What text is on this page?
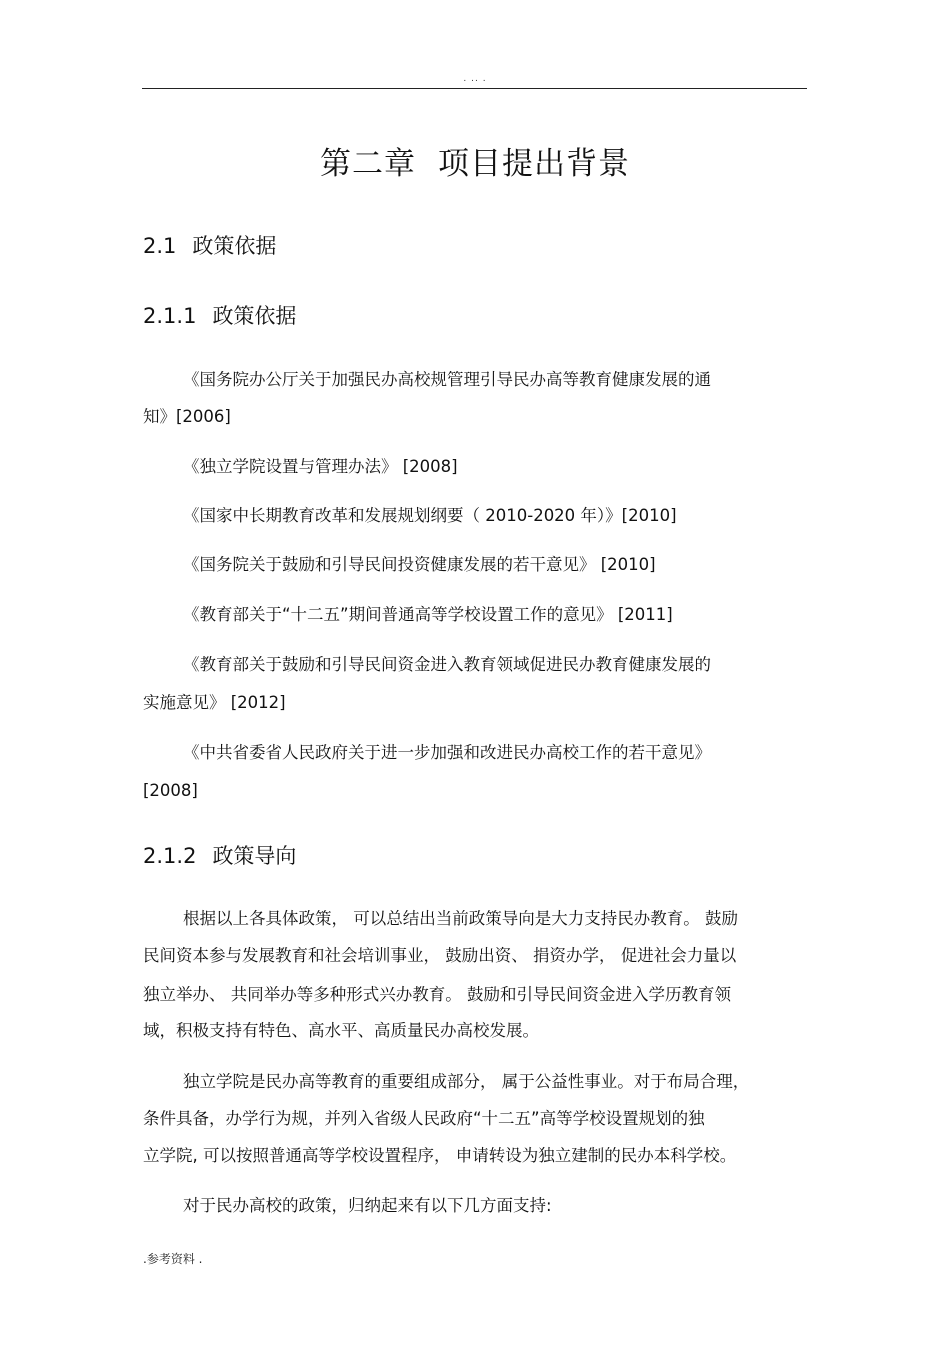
. .. .
第二章 项目提出背景
2.1 政策依据
2.1.1 政策依据
《国务院办公厅关于加强民办高校规管理引导民办高等教育健康发展的通
知》[2006]
《独立学院设置与管理办法》 [2008]
《国家中长期教育改革和发展规划纲要（ 2010-2020 年）》[2010]
《国务院关于鼓励和引导民间投资健康发展的若干意见》 [2010]
《教育部关于“十二五”期间普通高等学校设置工作的意见》 [2011]
《教育部关于鼓励和引导民间资金进入教育领域促进民办教育健康发展的
实施意见》 [2012]
《中共省委省人民政府关于进一步加强和改进民办高校工作的若干意见》
[2008]
2.1.2 政策导向
根据以上各具体政策， 可以总结出当前政策导向是大力支持民办教育。 鼓励
民间资本参与发展教育和社会培训事业， 鼓励出资、 捐资办学， 促进社会力量以
独立举办、 共同举办等多种形式兴办教育。 鼓励和引导民间资金进入学历教育领
域，积极支持有特色、高水平、高质量民办高校发展。
独立学院是民办高等教育的重要组成部分， 属于公益性事业。对于布局合理，
条件具备，办学行为规，并列入省级人民政府“十二五”高等学校设置规划的独
立学院, 可以按照普通高等学校设置程序， 申请转设为独立建制的民办本科学校。
对于民办高校的政策，归纳起来有以下几方面支持:
.参考资料 .
